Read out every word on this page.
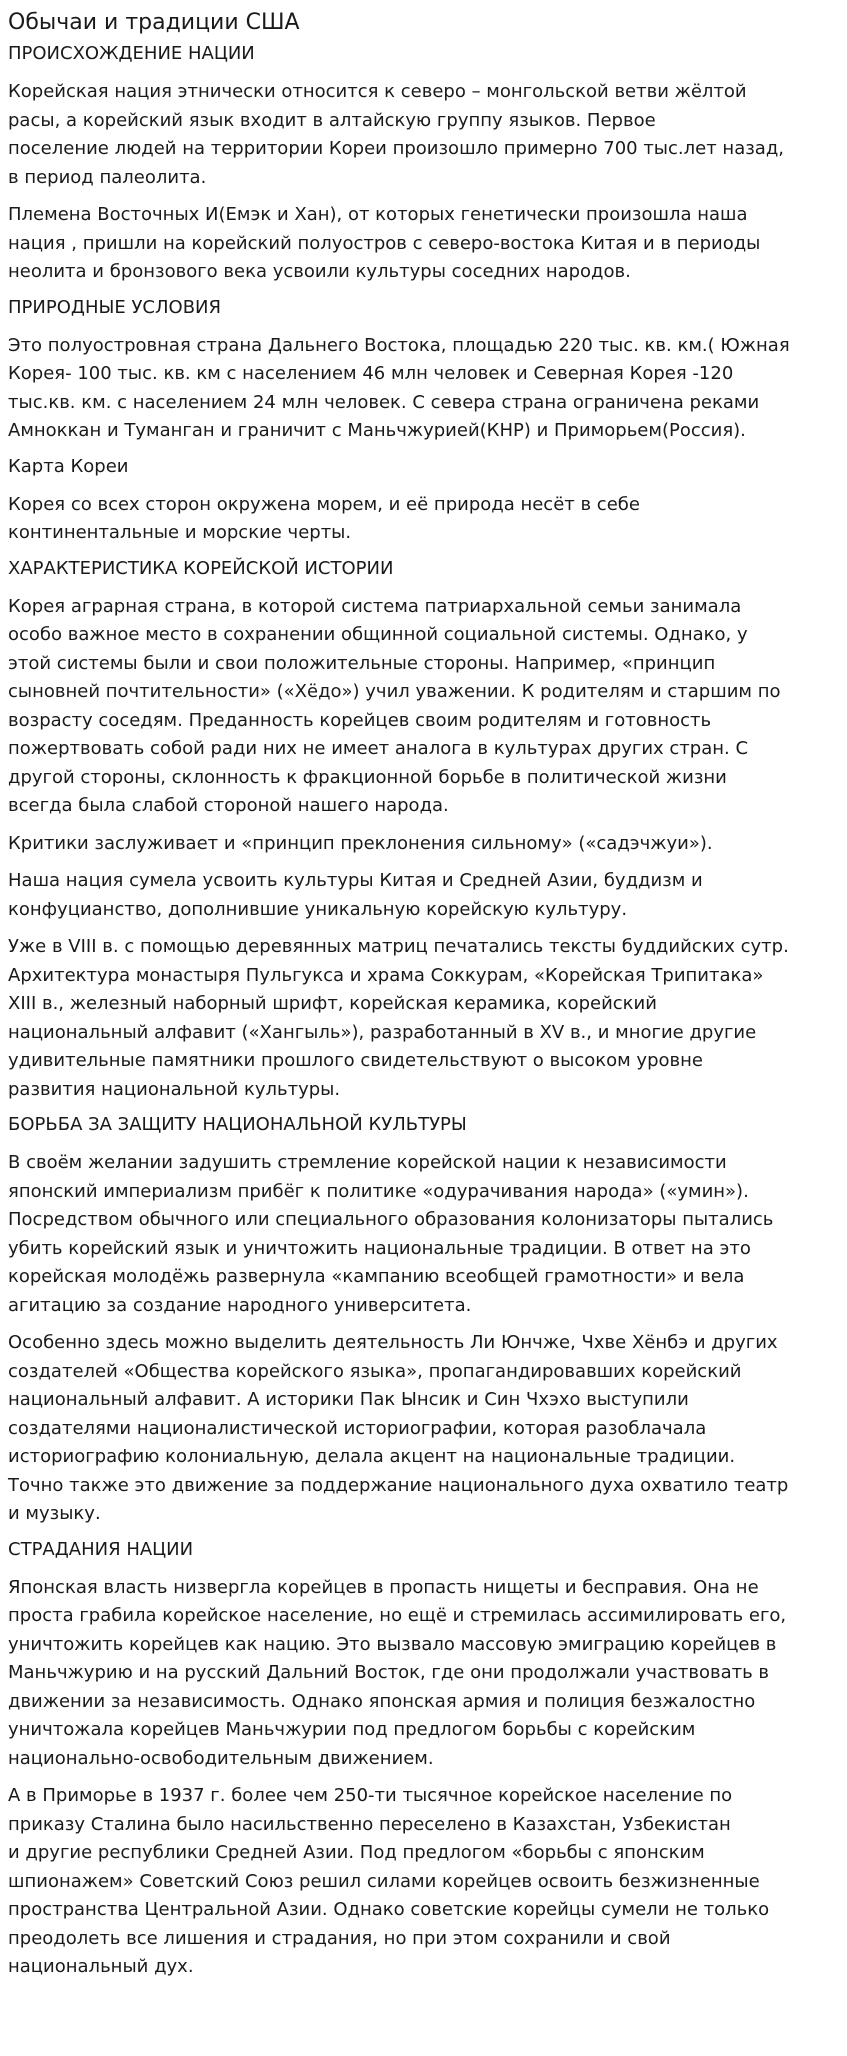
Обычаи и традиции США
ПРОИСХОЖДЕНИЕ НАЦИИ

Корейская нация этнически относится к северо – монгольской ветви жёлтой
расы, а корейский язык входит в алтайскую группу языков. Первое
поселение людей на территории Кореи произошло примерно 700 тыс.лет назад,
в период палеолита.

Племена Восточных И(Емэк и Хан), от которых генетически произошла наша
нация , пришли на корейский полуостров с северо-востока Китая и в периоды
неолита и бронзового века усвоили культуры соседних народов.

ПРИРОДНЫЕ УСЛОВИЯ

Это полуостровная страна Дальнего Востока, площадью 220 тыс. кв. км.( Южная
Корея- 100 тыс. кв. км с населением 46 млн человек и Северная Корея -120
тыс.кв. км. с населением 24 млн человек. С севера страна ограничена реками
Амноккан и Туманган и граничит с Маньчжурией(КНР) и Приморьем(Россия).

Карта Кореи

Корея со всех сторон окружена морем, и её природа несёт в себе
континентальные и морские черты.

ХАРАКТЕРИСТИКА КОРЕЙСКОЙ ИСТОРИИ

Корея аграрная страна, в которой система патриархальной семьи занимала
особо важное место в сохранении общинной социальной системы. Однако, у
этой системы были и свои положительные стороны. Например, «принцип
сыновней почтительности» («Хёдо») учил уважении. К родителям и старшим по
возрасту соседям. Преданность корейцев своим родителям и готовность
пожертвовать собой ради них не имеет аналога в культурах других стран. С
другой стороны, склонность к фракционной борьбе в политической жизни
всегда была слабой стороной нашего народа.

Критики заслуживает и «принцип преклонения сильному» («садэчжуи»).

Наша нация сумела усвоить культуры Китая и Средней Азии, буддизм и
конфуцианство, дополнившие уникальную корейскую культуру.

Уже в VIII в. с помощью деревянных матриц печатались тексты буддийских сутр.
Архитектура монастыря Пульгукса и храма Соккурам, «Корейская Трипитака»
XIII в., железный наборный шрифт, корейская керамика, корейский
национальный алфавит («Хангыль»), разработанный в XV в., и многие другие
удивительные памятники прошлого свидетельствуют о высоком уровне
развития национальной культуры.

БОРЬБА ЗА ЗАЩИТУ НАЦИОНАЛЬНОЙ КУЛЬТУРЫ

В своём желании задушить стремление корейской нации к независимости
японский империализм прибёг к политике «одурачивания народа» («умин»).
Посредством обычного или специального образования колонизаторы пытались
убить корейский язык и уничтожить национальные традиции. В ответ на это
корейская молодёжь развернула «кампанию всеобщей грамотности» и вела
агитацию за создание народного университета.

Особенно здесь можно выделить деятельность Ли Юнчже, Чхве Хёнбэ и других
создателей «Общества корейского языка», пропагандировавших корейский
национальный алфавит. А историки Пак Ынсик и Син Чхэхо выступили
создателями националистической историографии, которая разоблачала
историографию колониальную, делала акцент на национальные традиции.
Точно также это движение за поддержание национального духа охватило театр
и музыку.

СТРАДАНИЯ НАЦИИ

Японская власть низвергла корейцев в пропасть нищеты и бесправия. Она не
проста грабила корейское население, но ещё и стремилась ассимилировать его,
уничтожить корейцев как нацию. Это вызвало массовую эмиграцию корейцев в
Маньчжурию и на русский Дальний Восток, где они продолжали участвовать в
движении за независимость. Однако японская армия и полиция безжалостно
уничтожала корейцев Маньчжурии под предлогом борьбы с корейским
национально-освободительным движением.

А в Приморье в 1937 г. более чем 250-ти тысячное корейское население по
приказу Сталина было насильственно переселено в Казахстан, Узбекистан
и другие республики Средней Азии. Под предлогом «борьбы с японским
шпионажем» Советский Союз решил силами корейцев освоить безжизненные
пространства Центральной Азии. Однако советские корейцы сумели не только
преодолеть все лишения и страдания, но при этом сохранили и свой
национальный дух.
